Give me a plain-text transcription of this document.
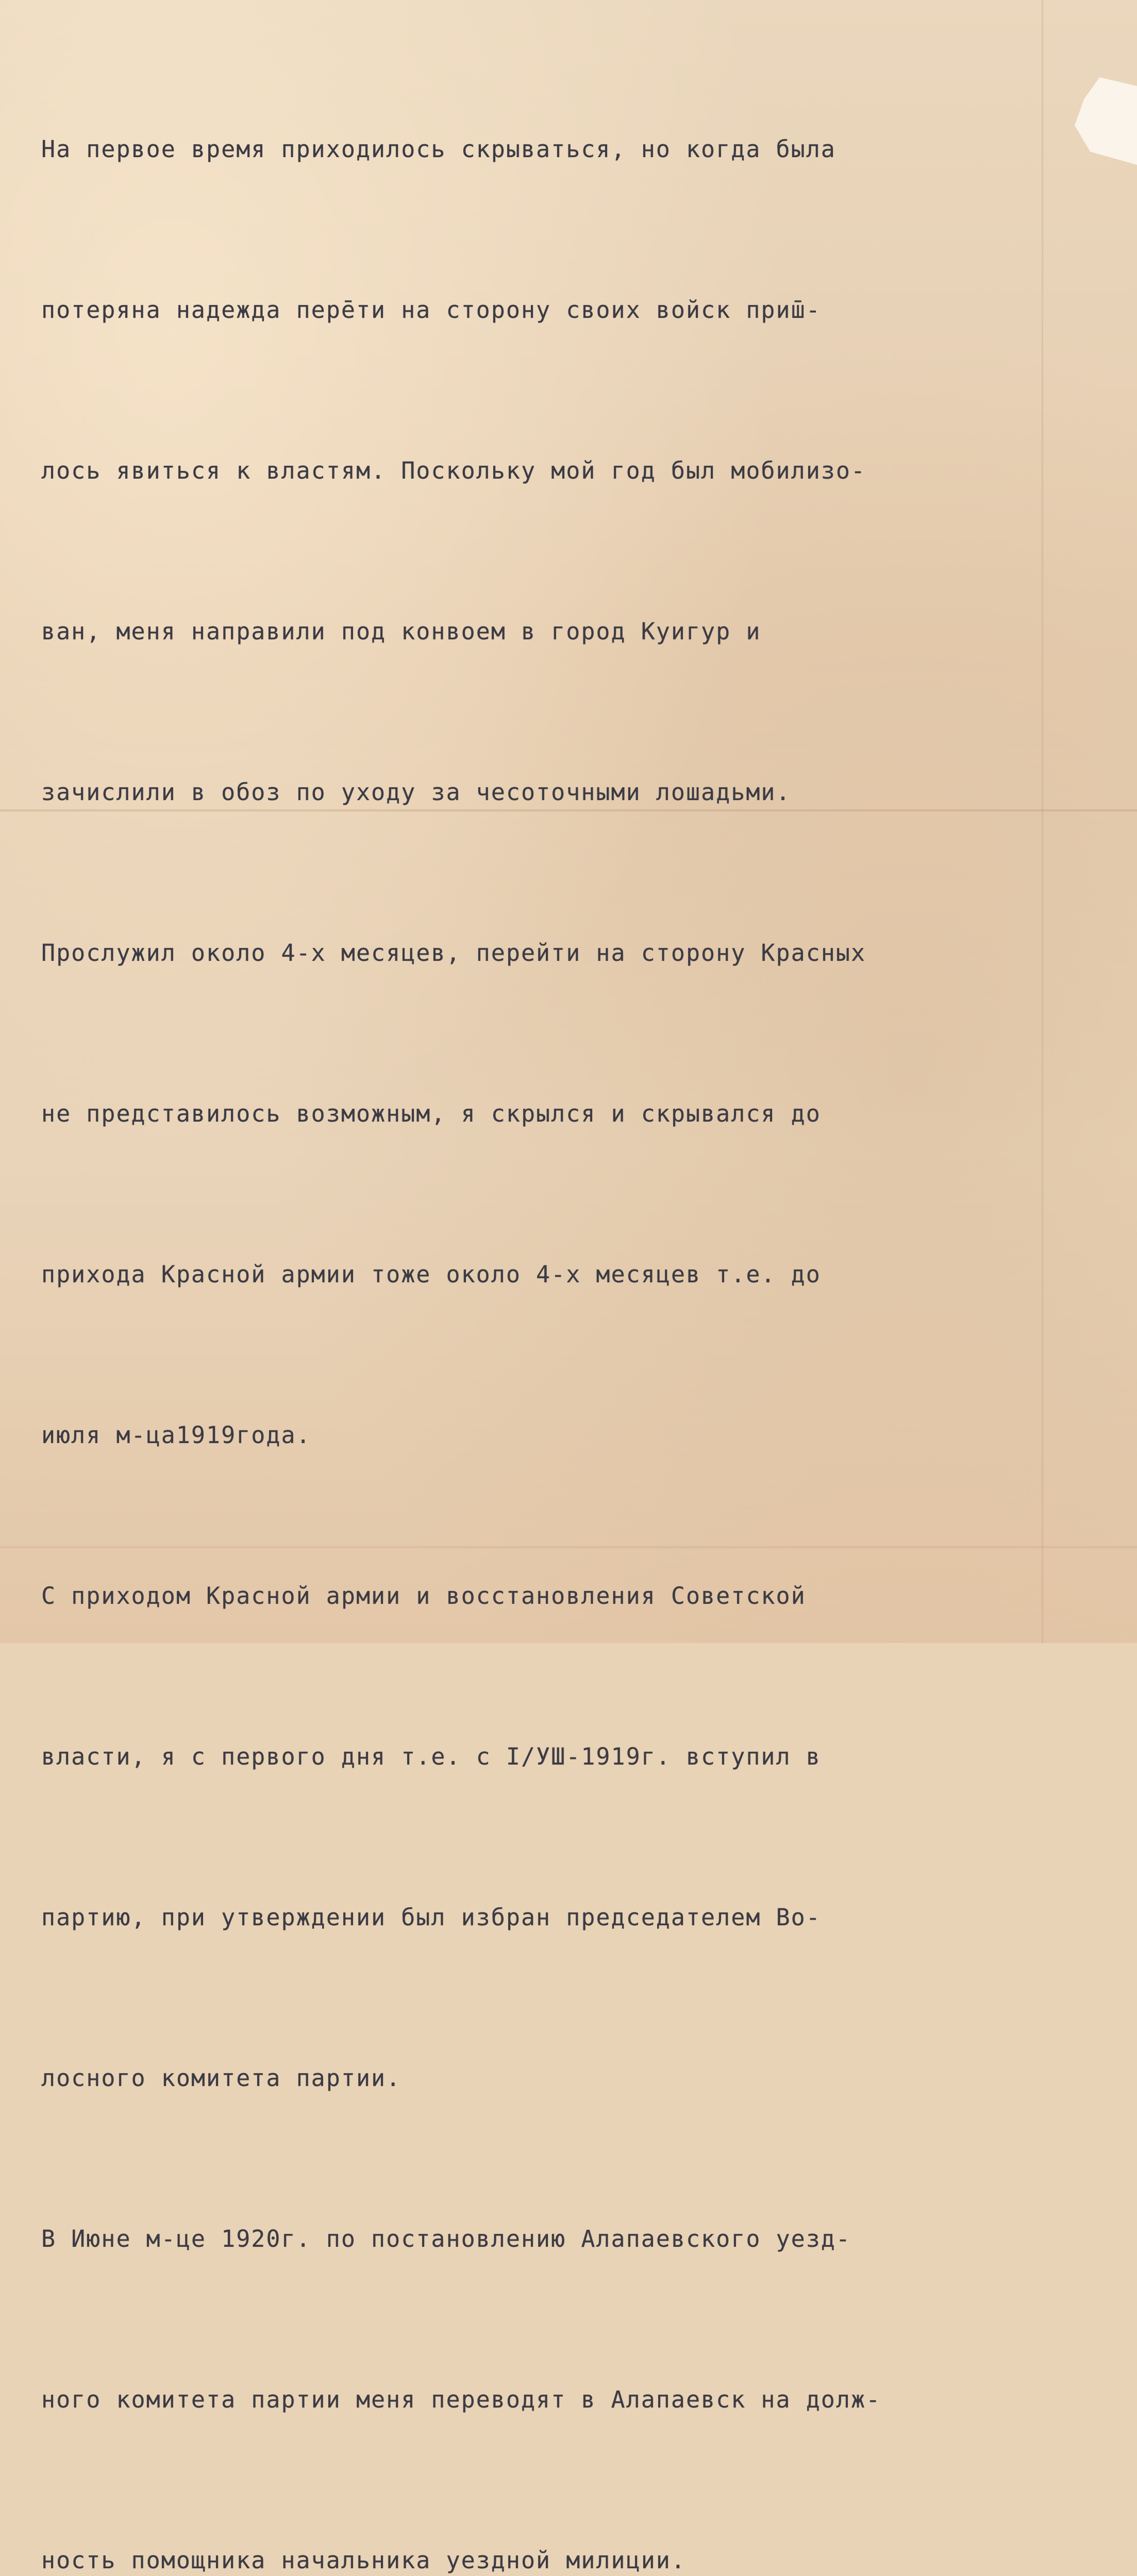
На первое время приходилось скрываться, но когда была

потеряна надежда пере̄ти на сторону своих войск приш̄-

лось явиться к властям. Поскольку мой год был мобилизо-

ван, меня направили под конвоем в город Куигур и

зачислили в обоз по уходу за чесоточными лошадьми.

Прослужил около 4-х месяцев, перейти на сторону Красных

не представилось возможным, я скрылся и скрывался до

прихода Красной армии тоже около 4-х месяцев т.е. до

июля м-ца1919года.

С приходом Красной армии и восстановления Советской

власти, я с первого дня т.е. с I/УШ-1919г. вступил в

партию, при утверждении был избран председателем Во-

лосного комитета партии.

В Июне м-це 1920г. по постановлению Алапаевского уезд-

ного комитета партии меня переводят в Алапаевск на долж-

ность помощника начальника уездной милиции.
